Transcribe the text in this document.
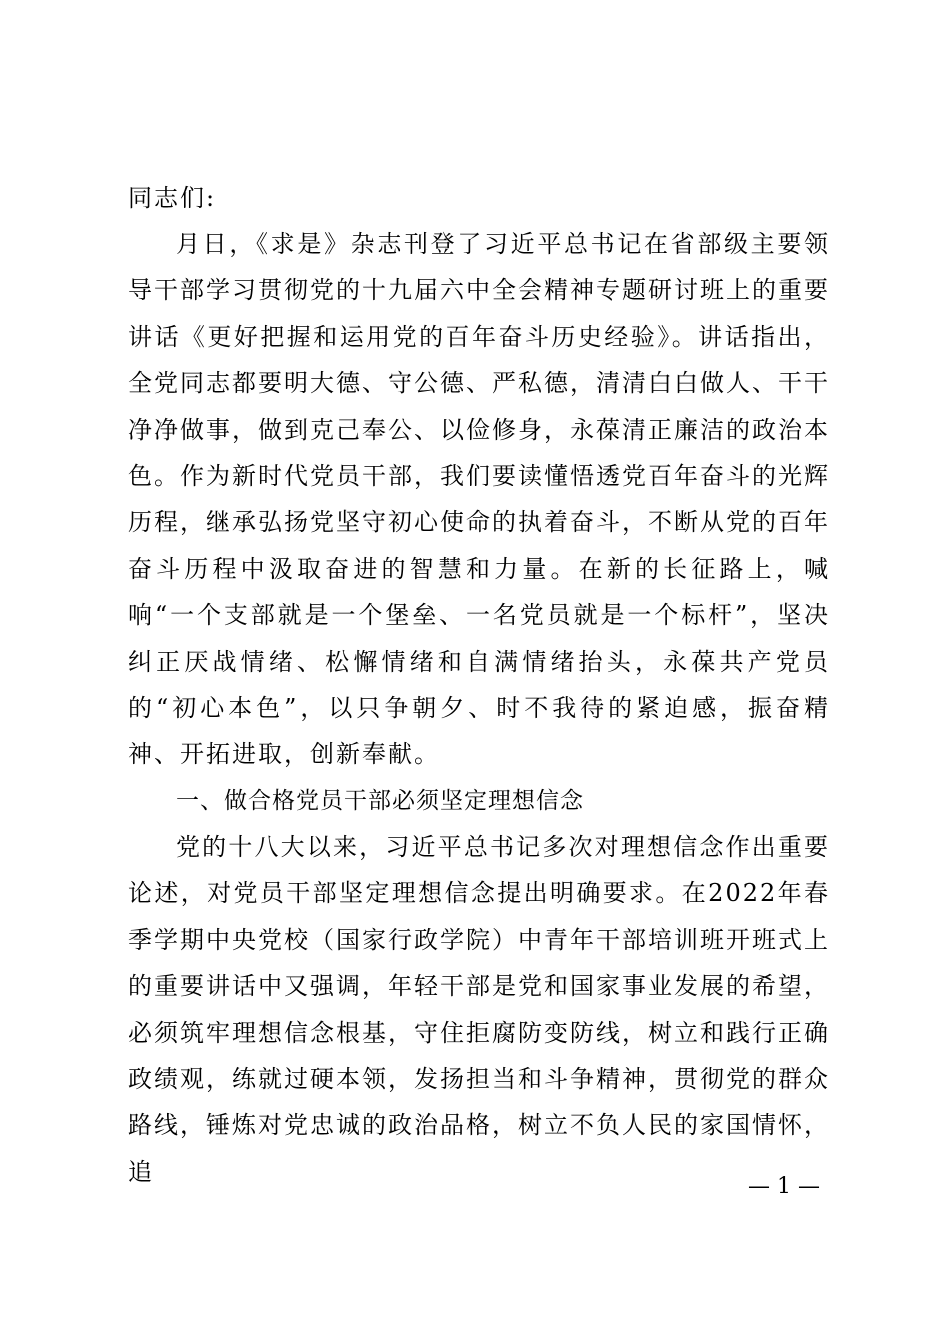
同志们:

月日，《求是》杂志刊登了习近平总书记在省部级主要领导干部学习贯彻党的十九届六中全会精神专题研讨班上的重要讲话《更好把握和运用党的百年奋斗历史经验》。讲话指出，全党同志都要明大德、守公德、严私德，清清白白做人、干干净净做事，做到克己奉公、以俭修身，永葆清正廉洁的政治本色。作为新时代党员干部，我们要读懂悟透党百年奋斗的光辉历程，继承弘扬党坚守初心使命的执着奋斗，不断从党的百年奋斗历程中汲取奋进的智慧和力量。在新的长征路上，喊响“一个支部就是一个堡垒、一名党员就是一个标杆”，坚决纠正厌战情绪、松懈情绪和自满情绪抬头，永葆共产党员的“初心本色”，以只争朝夕、时不我待的紧迫感，振奋精神、开拓进取，创新奉献。

一、做合格党员干部必须坚定理想信念

党的十八大以来，习近平总书记多次对理想信念作出重要论述，对党员干部坚定理想信念提出明确要求。在2022年春季学期中央党校（国家行政学院）中青年干部培训班开班式上的重要讲话中又强调，年轻干部是党和国家事业发展的希望，必须筑牢理想信念根基，守住拒腐防变防线，树立和践行正确政绩观，练就过硬本领，发扬担当和斗争精神，贯彻党的群众路线，锤炼对党忠诚的政治品格，树立不负人民的家国情怀，追

— 1 —
